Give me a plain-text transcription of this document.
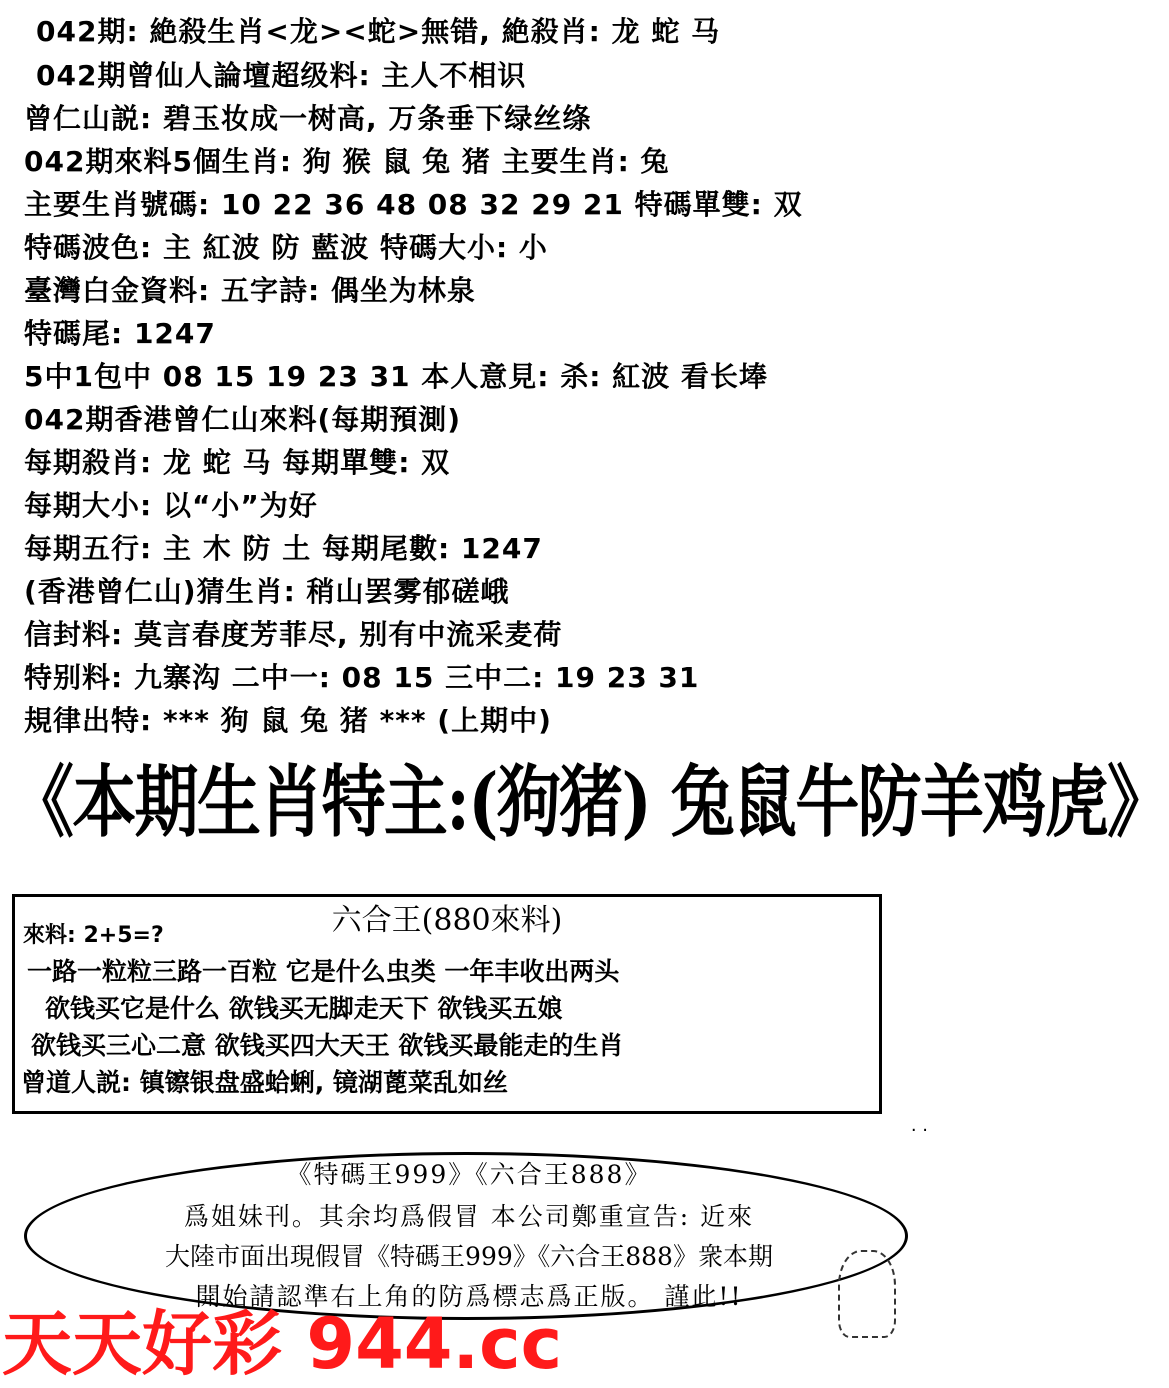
042期: 絶殺生肖<龙><蛇>無错, 絶殺肖: 龙 蛇 马
042期曾仙人論壇超级料: 主人不相识
曾仁山説: 碧玉妆成一树高, 万条垂下绿丝绦
042期來料5個生肖: 狗 猴 鼠 兔 猪 主要生肖: 兔
主要生肖號碼: 10 22 36 48 08 32 29 21 特碼單雙: 双
特碼波色: 主 紅波 防 藍波 特碼大小: 小
臺灣白金資料: 五字詩: 偶坐为林泉
特碼尾: 1247
5中1包中 08 15 19 23 31 本人意見: 杀: 紅波 看长埲
042期香港曾仁山來料(每期預測)
每期殺肖: 龙 蛇 马 每期單雙: 双
每期大小: 以“小”为好
每期五行: 主 木 防 土 每期尾數: 1247
(香港曾仁山)猜生肖: 稍山罢雾郁磋峨
信封料: 莫言春度芳菲尽, 别有中流采麦荷
特别料: 九寨沟 二中一: 08 15 三中二: 19 23 31
規律出特: *** 狗 鼠 兔 猪 *** (上期中)
《本期生肖特主:(狗猪) 兔鼠牛防羊鸡虎》
六合王(880來料)
來料: 2+5=?
一路一粒粒三路一百粒 它是什么虫类 一年丰收出两头
欲钱买它是什么 欲钱买无脚走天下 欲钱买五娘
欲钱买三心二意 欲钱买四大天王 欲钱买最能走的生肖
曾道人説: 镇镲银盘盛蛤蜊, 镜湖蓖菜乱如丝
· ·
《特碼王999》《六合王888》
爲姐妹刊。其余均爲假冒 本公司鄭重宣告: 近來
大陸市面出現假冒《特碼王999》《六合王888》衆本期
開始請認準右上角的防爲標志爲正版。 謹此!!
天天好彩 944.cc
